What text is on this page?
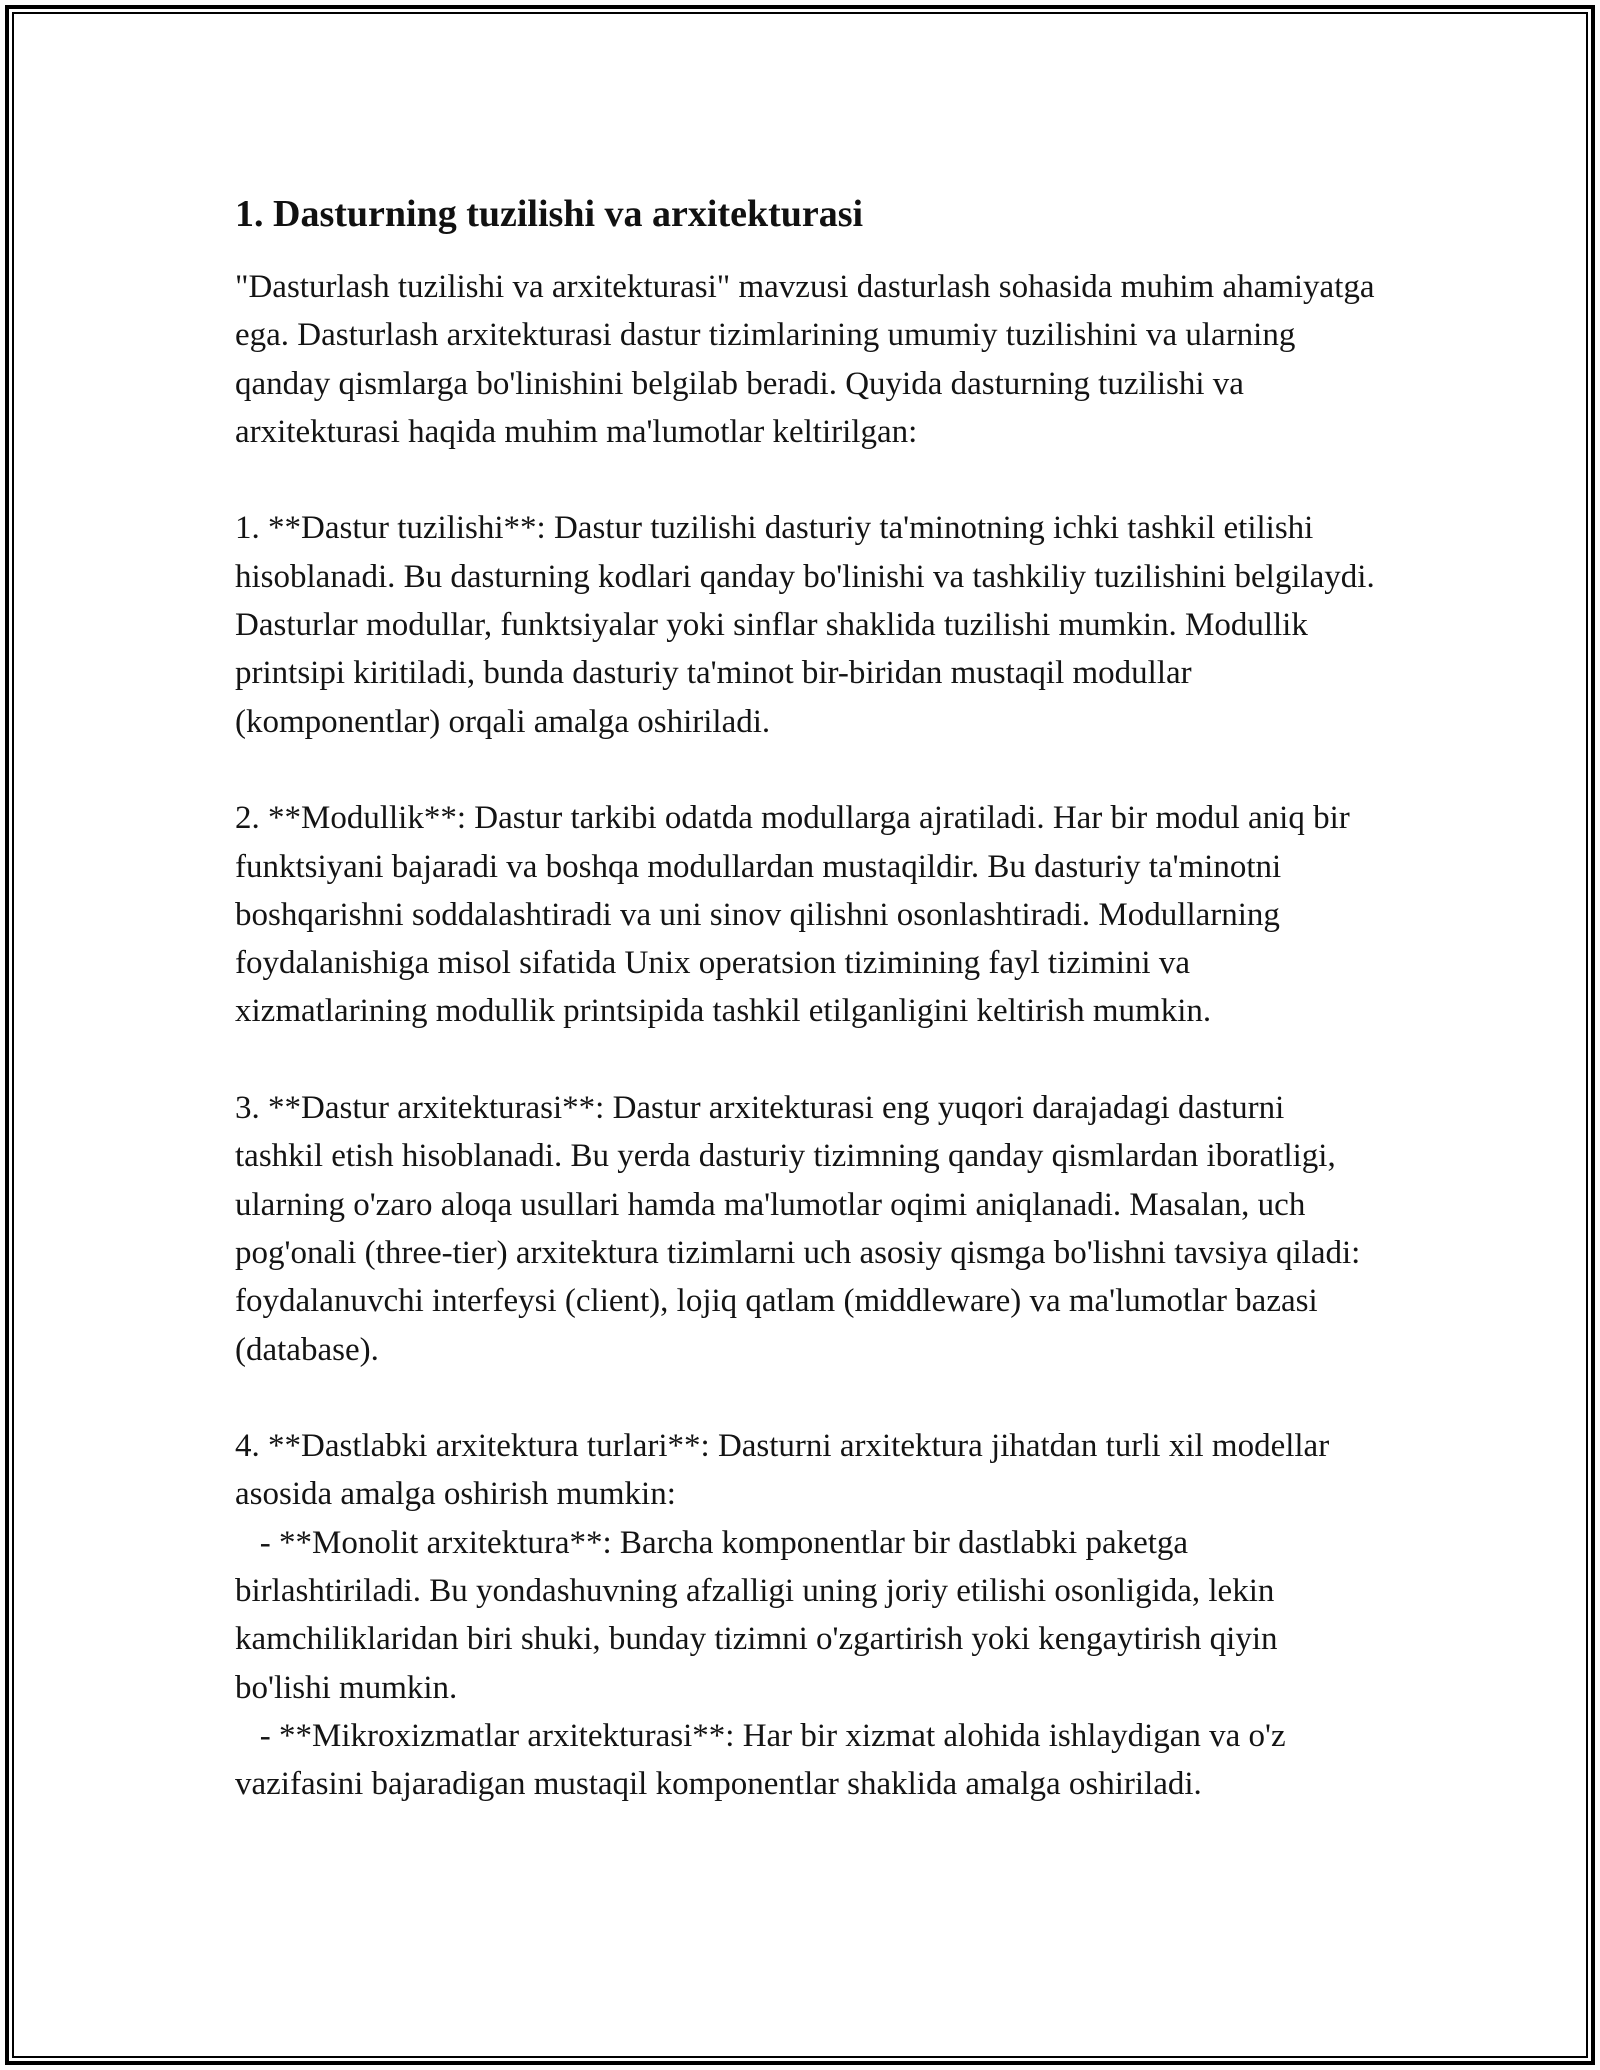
1. Dasturning tuzilishi va arxitekturasi

"Dasturlash tuzilishi va arxitekturasi" mavzusi dasturlash sohasida muhim ahamiyatga ega. Dasturlash arxitekturasi dastur tizimlarining umumiy tuzilishini va ularning qanday qismlarga bo'linishini belgilab beradi. Quyida dasturning tuzilishi va arxitekturasi haqida muhim ma'lumotlar keltirilgan:

1. **Dastur tuzilishi**: Dastur tuzilishi dasturiy ta'minotning ichki tashkil etilishi hisoblanadi. Bu dasturning kodlari qanday bo'linishi va tashkiliy tuzilishini belgilaydi. Dasturlar modullar, funktsiyalar yoki sinflar shaklida tuzilishi mumkin. Modullik printsipi kiritiladi, bunda dasturiy ta'minot bir-biridan mustaqil modullar (komponentlar) orqali amalga oshiriladi.

2. **Modullik**: Dastur tarkibi odatda modullarga ajratiladi. Har bir modul aniq bir funktsiyani bajaradi va boshqa modullardan mustaqildir. Bu dasturiy ta'minotni boshqarishni soddalashtiradi va uni sinov qilishni osonlashtiradi. Modullarning foydalanishiga misol sifatida Unix operatsion tizimining fayl tizimini va xizmatlarining modullik printsipida tashkil etilganligini keltirish mumkin.

3. **Dastur arxitekturasi**: Dastur arxitekturasi eng yuqori darajadagi dasturni tashkil etish hisoblanadi. Bu yerda dasturiy tizimning qanday qismlardan iboratligi, ularning o'zaro aloqa usullari hamda ma'lumotlar oqimi aniqlanadi. Masalan, uch pog'onali (three-tier) arxitektura tizimlarni uch asosiy qismga bo'lishni tavsiya qiladi: foydalanuvchi interfeysi (client), lojiq qatlam (middleware) va ma'lumotlar bazasi (database).

4. **Dastlabki arxitektura turlari**: Dasturni arxitektura jihatdan turli xil modellar asosida amalga oshirish mumkin:
- **Monolit arxitektura**: Barcha komponentlar bir dastlabki paketga birlashtiriladi. Bu yondashuvning afzalligi uning joriy etilishi osonligida, lekin kamchiliklaridan biri shuki, bunday tizimni o'zgartirish yoki kengaytirish qiyin bo'lishi mumkin.
- **Mikroxizmatlar arxitekturasi**: Har bir xizmat alohida ishlaydigan va o'z vazifasini bajaradigan mustaqil komponentlar shaklida amalga oshiriladi.
